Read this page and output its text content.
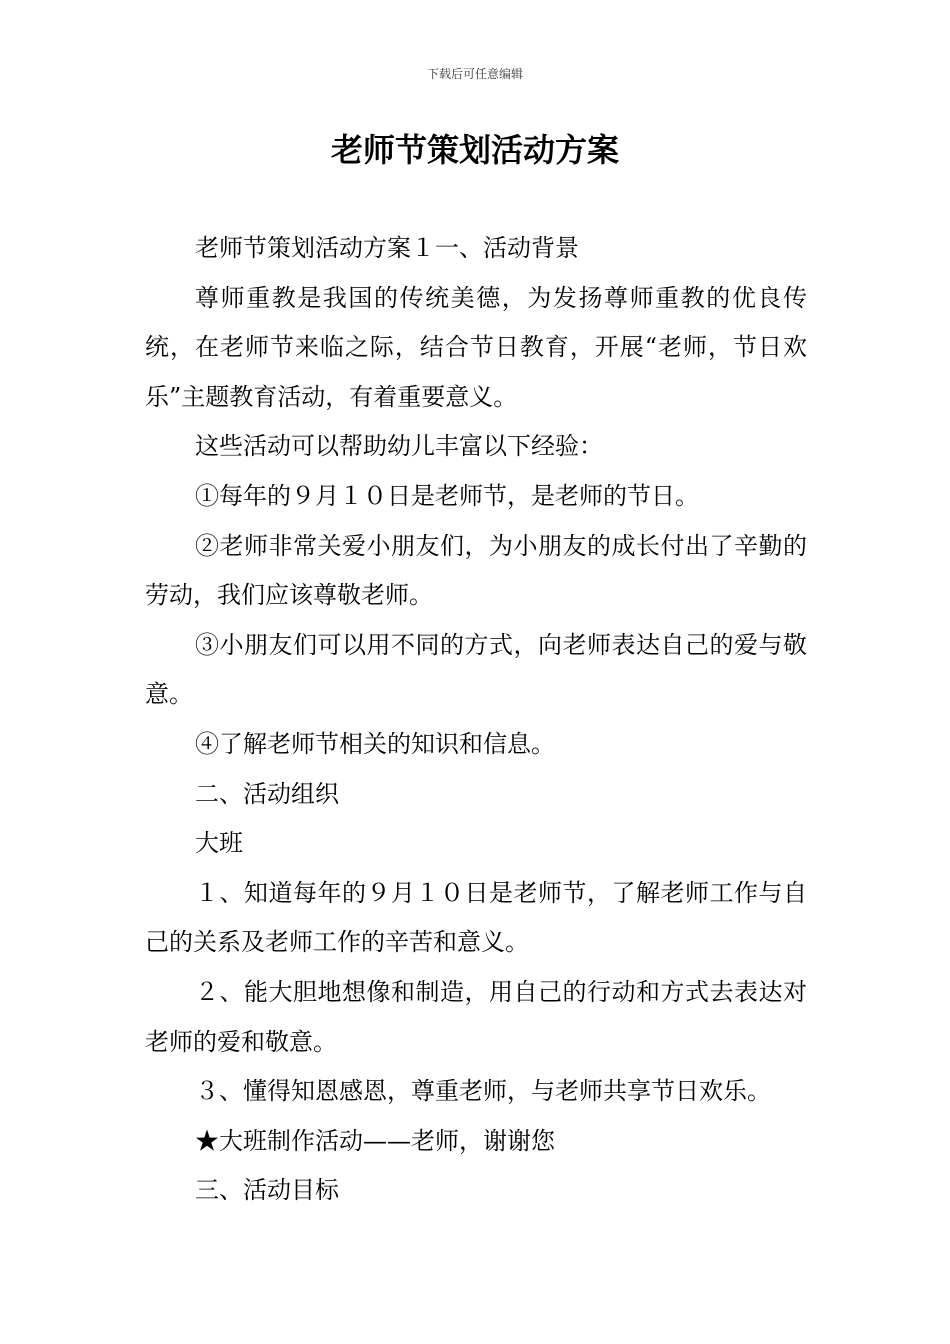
下载后可任意编辑
老师节策划活动方案

老师节策划活动方案１一、活动背景

尊师重教是我国的传统美德，为发扬尊师重教的优良传统，在老师节来临之际，结合节日教育，开展“老师，节日欢乐”主题教育活动，有着重要意义。

这些活动可以帮助幼儿丰富以下经验：

①每年的９月１０日是老师节，是老师的节日。

②老师非常关爱小朋友们，为小朋友的成长付出了辛勤的劳动，我们应该尊敬老师。

③小朋友们可以用不同的方式，向老师表达自己的爱与敬意。

④了解老师节相关的知识和信息。

二、活动组织

大班

１、知道每年的９月１０日是老师节，了解老师工作与自己的关系及老师工作的辛苦和意义。

２、能大胆地想像和制造，用自己的行动和方式去表达对老师的爱和敬意。

３、懂得知恩感恩，尊重老师，与老师共享节日欢乐。

★大班制作活动——老师，谢谢您

三、活动目标
